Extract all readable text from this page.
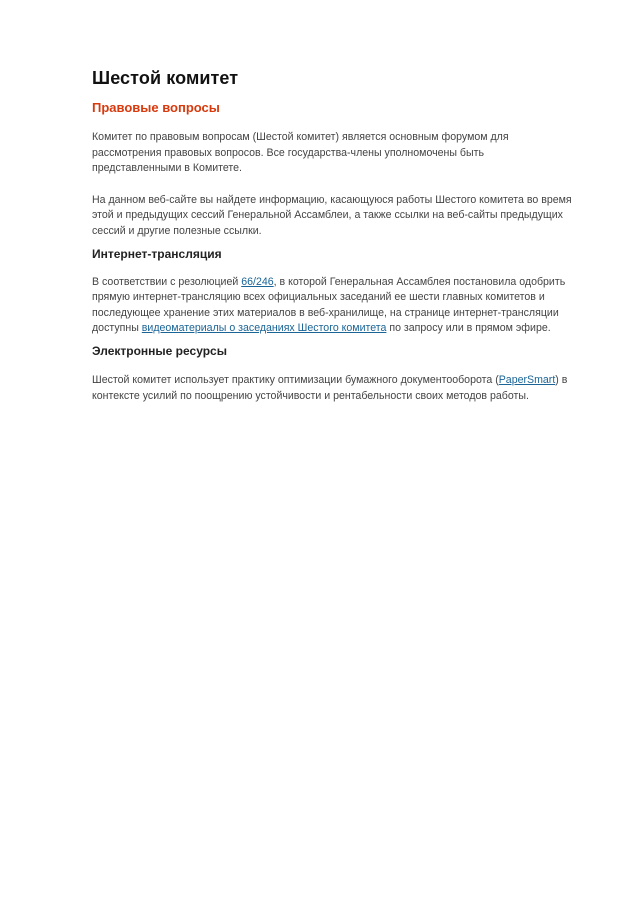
Шестой комитет
Правовые вопросы

Комитет по правовым вопросам (Шестой комитет) является основным форумом для рассмотрения правовых вопросов. Все государства-члены уполномочены быть представленными в Комитете.

На данном веб-сайте вы найдете информацию, касающуюся работы Шестого комитета во время этой и предыдущих сессий Генеральной Ассамблеи, а также ссылки на веб-сайты предыдущих сессий и другие полезные ссылки.

Интернет-трансляция

В соответствии с резолюцией 66/246, в которой Генеральная Ассамблея постановила одобрить прямую интернет-трансляцию всех официальных заседаний ее шести главных комитетов и последующее хранение этих материалов в веб-хранилище, на странице интернет-трансляции доступны видеоматериалы о заседаниях Шестого комитета по запросу или в прямом эфире.

Электронные ресурсы

Шестой комитет использует практику оптимизации бумажного документооборота (PaperSmart) в контексте усилий по поощрению устойчивости и рентабельности своих методов работы.
